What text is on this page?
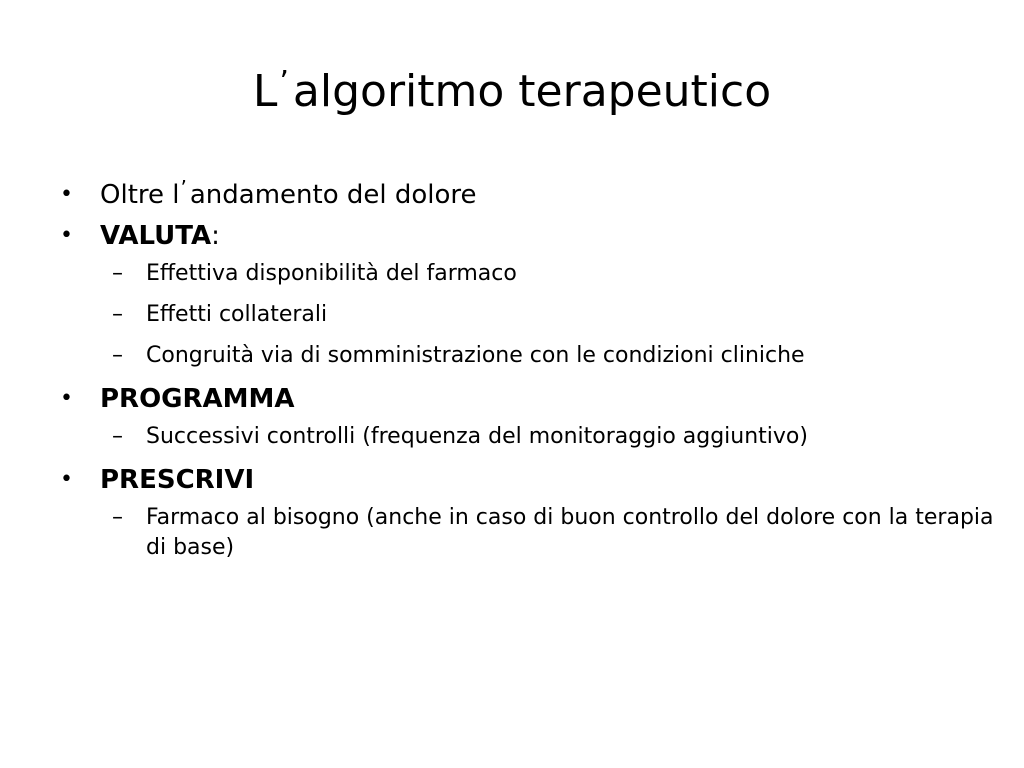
L’algoritmo terapeutico
• Oltre l’ andamento del dolore
• VALUTA:
– Effettiva disponibilità del farmaco
– Effetti collaterali
– Congruità via di somministrazione con le condizioni cliniche
• PROGRAMMA
– Successivi controlli (frequenza del monitoraggio aggiuntivo)
• PRESCRIVI
– Farmaco al bisogno (anche in caso di buon controllo del dolore con la terapia di base)
